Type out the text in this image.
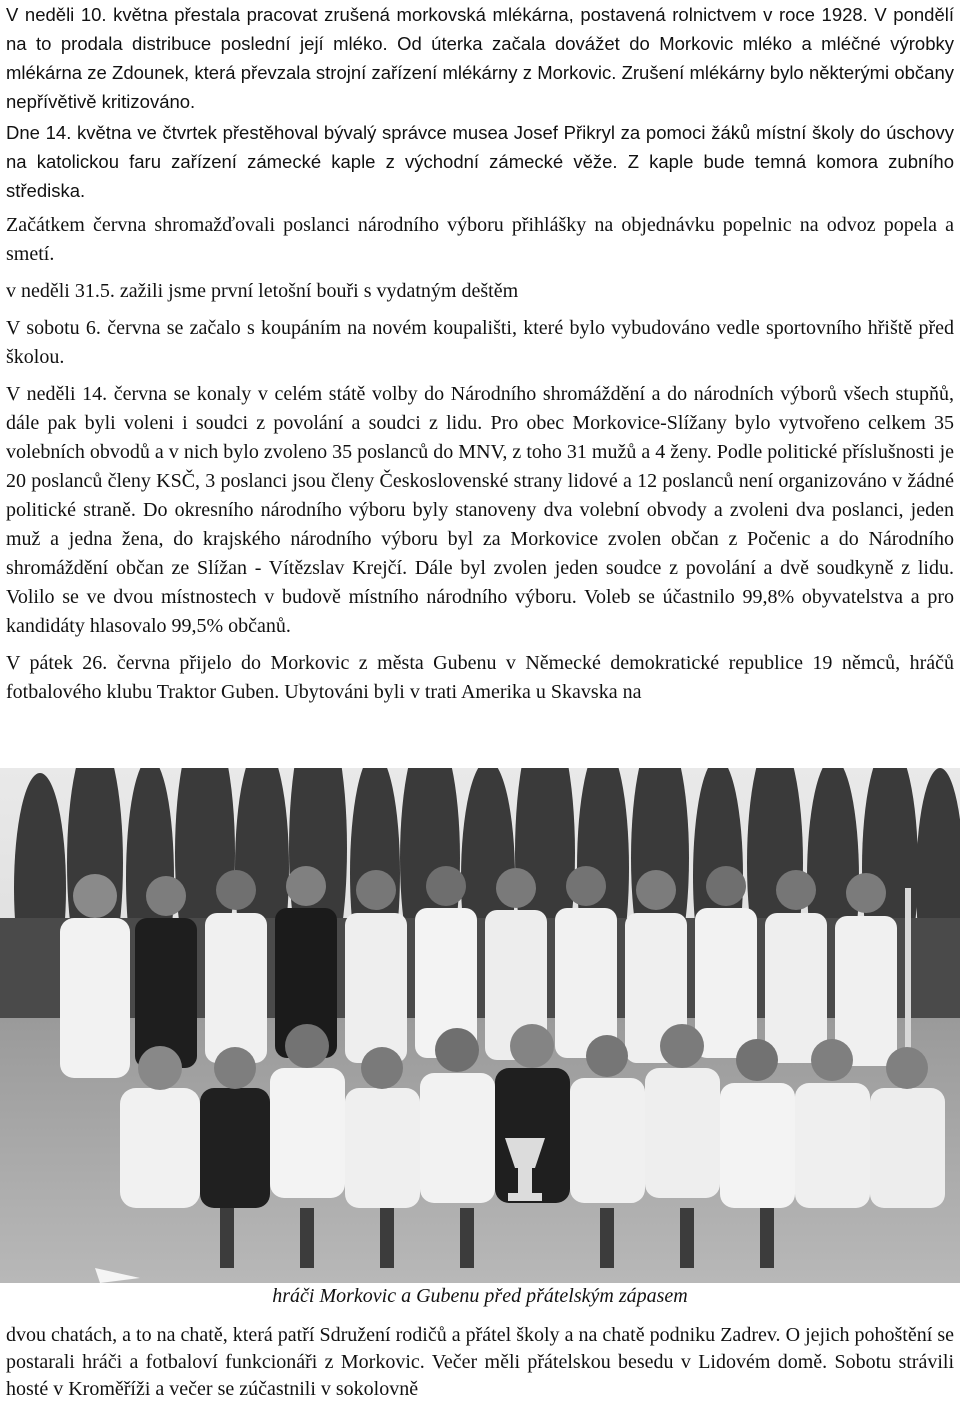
V neděli 10. května přestala pracovat zrušená morkovská mlékárna, postavená rolnictvem v roce 1928. V pondělí na to prodala distribuce poslední její mléko. Od úterka začala dovážet do Morkovic mléko a mléčné výrobky mlékárna ze Zdounek, která převzala strojní zařízení mlékárny z Morkovic. Zrušení mlékárny bylo některými občany nepřívětivě kritizováno.

Dne 14. května ve čtvrtek přestěhoval bývalý správce musea Josef Přikryl za pomoci žáků místní školy do úschovy na katolickou faru zařízení zámecké kaple z východní zámecké věže. Z kaple bude temná komora zubního střediska.

Začátkem června shromažďovali poslanci národního výboru přihlášky na objednávku popelnic na odvoz popela a smetí.

v neděli 31.5. zažili jsme první letošní bouři s vydatným deštěm

V sobotu 6. června se začalo s koupáním na novém koupališti, které bylo vybudováno vedle sportovního hřiště před školou.

V neděli 14. června se konaly v celém státě volby do Národního shromáždění a do národních výborů všech stupňů, dále pak byli voleni i soudci z povolání a soudci z lidu. Pro obec Morkovice-Slížany bylo vytvořeno celkem 35 volebních obvodů a v nich bylo zvoleno 35 poslanců do MNV, z toho 31 mužů a 4 ženy. Podle politické příslušnosti je 20 poslanců členy KSČ, 3 poslanci jsou členy Československé strany lidové a 12 poslanců není organizováno v žádné politické straně. Do okresního národního výboru byly stanoveny dva volební obvody a zvoleni dva poslanci, jeden muž a jedna žena, do krajského národního výboru byl za Morkovice zvolen občan z Počenic a do Národního shromáždění občan ze Slížan - Vítězslav Krejčí. Dále byl zvolen jeden soudce z povolání a dvě soudkyně z lidu. Volilo se ve dvou místnostech v budově místního národního výboru. Voleb se účastnilo 99,8% obyvatelstva a pro kandidáty hlasovalo 99,5% občanů.

V pátek 26. června přijelo do Morkovic z města Gubenu v Německé demokratické republice 19 němců, hráčů fotbalového klubu Traktor Guben. Ubytováni byli v trati Amerika u Skavska na

hráči Morkovic a Gubenu před přátelským zápasem

dvou chatách, a to na chatě, která patří Sdružení rodičů a přátel školy a na chatě podniku Zadrev. O jejich pohoštění se postarali hráči a fotbaloví funkcionáři z Morkovic. Večer měli přátelskou besedu v Lidovém domě. Sobotu strávili hosté v Kroměříži a večer se zúčastnili v sokolovně
